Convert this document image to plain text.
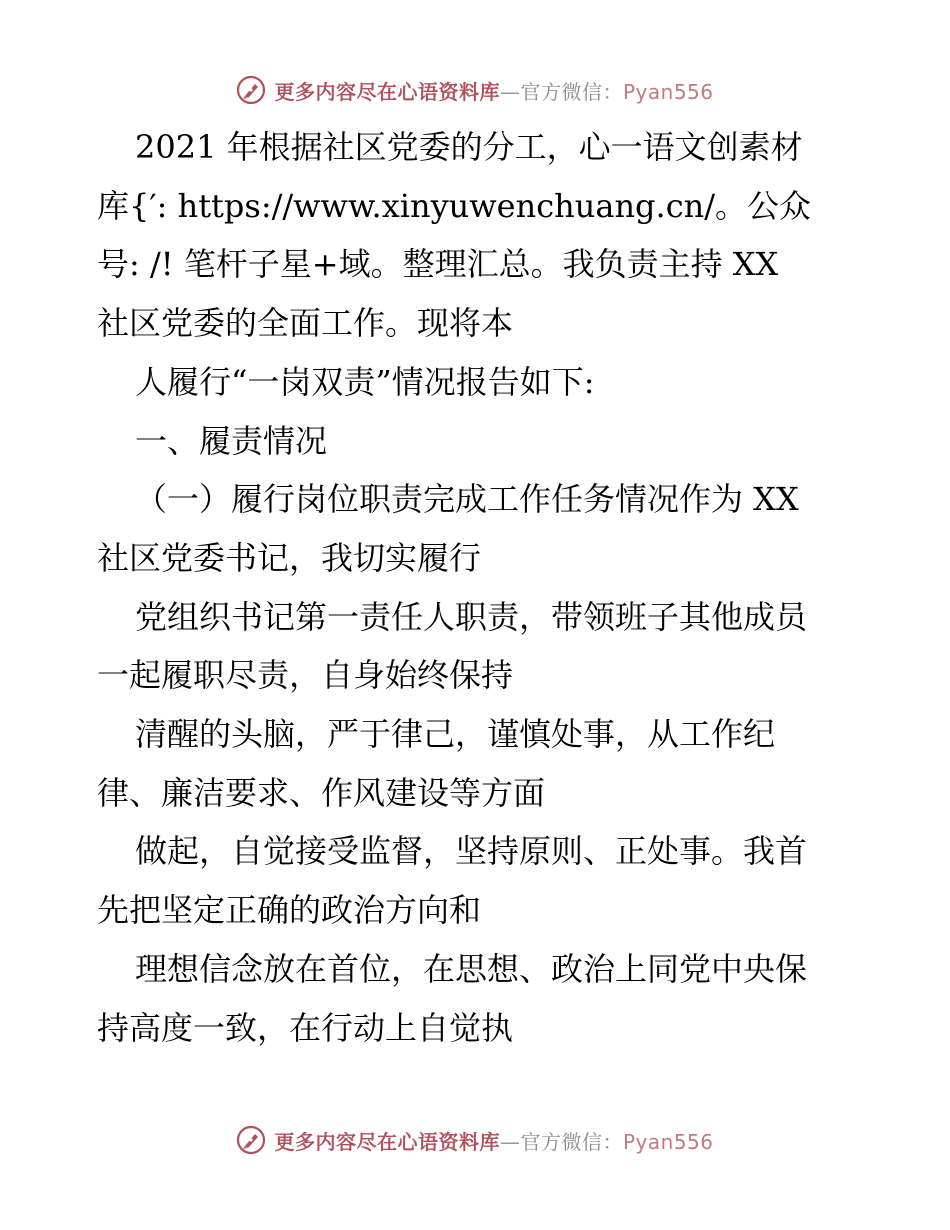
更多内容尽在心语资料库—官方微信：Pyan556
2021 年根据社区党委的分工，心一语文创素材
库{′: https://www.xinyuwenchuang.cn/。公众
号: /! 笔杆子星+域。整理汇总。我负责主持 XX
社区党委的全面工作。现将本
人履行“一岗双责”情况报告如下:
一、履责情况
（一）履行岗位职责完成工作任务情况作为 XX
社区党委书记，我切实履行
党组织书记第一责任人职责，带领班子其他成员
一起履职尽责，自身始终保持
清醒的头脑，严于律己，谨慎处事，从工作纪
律、廉洁要求、作风建设等方面
做起，自觉接受监督，坚持原则、正处事。我首
先把坚定正确的政治方向和
理想信念放在首位，在思想、政治上同党中央保
持高度一致，在行动上自觉执
更多内容尽在心语资料库—官方微信：Pyan556
